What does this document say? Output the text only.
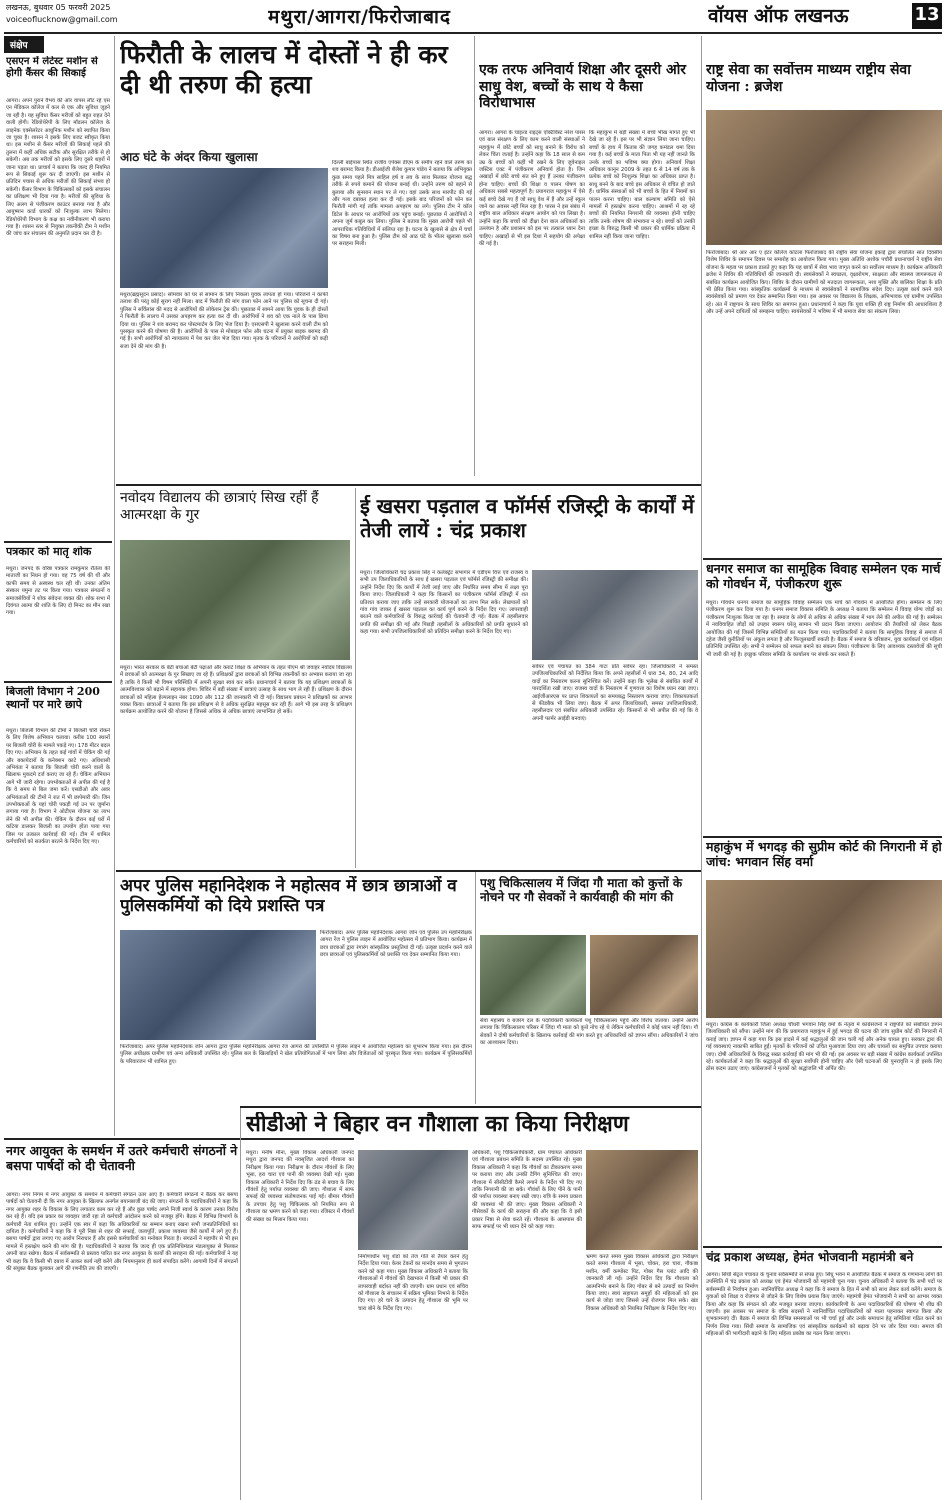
लखनऊ, बुधवार 05 फरवरी 2025
voiceoflucknow@gmail.com	मथुरा/आगरा/फिरोजाबाद	वॉयस ऑफ लखनऊ	13
संक्षेप
एसएन में लेटेस्ट मशीन से होगी कैंसर की सिकाई
आगरा। अपने पुराने वैभव की ओर वापस लौट रहे एस एन मेडिकल कॉलेज में कल से एक और सुविधा जुड़ने जा रही है। यह सुविधा कैंसर मरीजों को बहुत राहत देने वाली होगी। रेडियोथेरेपी के लिए मॉडलन कॉलेज के लाइनेक एक्सेलरेटर आधुनिक मशीन को स्थापित किया जा चुका है। शासन ने इसके लिए बजट स्वीकृत किया था। इस मशीन से कैंसर मरीजों की सिकाई पहले की तुलना में कहीं अधिक सटीक और सुरक्षित तरीके से हो सकेगी। अब तक मरीजों को इसके लिए दूसरे शहरों में जाना पड़ता था। प्राचार्य ने बताया कि जल्द ही नियमित रूप से सिकाई शुरू कर दी जाएगी। इस मशीन से प्रतिदिन पचास से अधिक मरीजों की सिकाई संभव हो सकेगी। कैंसर विभाग के चिकित्सकों को इसके संचालन का प्रशिक्षण भी दिया गया है। मरीजों की सुविधा के लिए अलग से पंजीकरण काउंटर बनाया गया है और आयुष्मान कार्ड धारकों को निःशुल्क लाभ मिलेगा। रेडियोथेरेपी विभाग के कक्ष का नवीनीकरण भी कराया गया है। शासन स्तर से नियुक्त तकनीकी टीम ने मशीन की जांच कर संचालन की अनुमति प्रदान कर दी है।
पत्रकार को मातृ शोक
मथुरा। जनपद के वरिष्ठ पत्रकार रामकुमार रौतेला की माताजी का निधन हो गया। वह 75 वर्ष की थीं और काफी समय से अस्वस्थ चल रही थीं। उनका अंतिम संस्कार यमुना तट पर किया गया। पत्रकार संगठनों व समाजसेवियों ने शोक संवेदना व्यक्त की। शोक सभा में दिवंगत आत्मा की शांति के लिए दो मिनट का मौन रखा गया।
बिजली विभाग ने 200 स्थानों पर मारे छापे
मथुरा। बिजली विभाग की टीमों ने बिजली चोरी रोकने के लिए विशेष अभियान चलाया। करीब 100 स्थानों पर बिजली चोरी के मामले पकड़े गए। 178 मीटर बदल दिए गए। अभियान के तहत कई गांवों में चेकिंग की गई और बकायेदारों के कनेक्शन काटे गए। अधिशासी अभियंता ने बताया कि बिजली चोरी करने वालों के खिलाफ मुकदमे दर्ज कराए जा रहे हैं। चेकिंग अभियान आगे भी जारी रहेगा। उपभोक्ताओं से अपील की गई है कि वे समय से बिल जमा करें। एसडीओ और अवर अभियंताओं की टीमों ने रात में भी छापेमारी की। जिन उपभोक्ताओं के यहां चोरी पकड़ी गई उन पर जुर्माना लगाया गया है। विभाग ने ओटीएस योजना का लाभ लेने की भी अपील की। चेकिंग के दौरान कई घरों में कटिया डालकर बिजली का उपयोग होता पाया गया जिस पर तत्काल कार्रवाई की गई। टीम में शामिल कर्मचारियों को सतर्कता बरतने के निर्देश दिए गए।
फिरौती के लालच में दोस्तों ने ही कर दी थी तरुण की हत्या
आठ घंटे के अंदर किया खुलासा
मथुरा(ब्रह्मसूदन प्रसाद)। सोमवार को घर से सामान के लिए निकला युवक लापता हो गया। परिजनों ने काफी तलाश की परंतु कोई सुराग नहीं मिला। बाद में फिरौती की मांग वाला फोन आने पर पुलिस को सूचना दी गई। पुलिस ने सर्विलांस की मदद से आरोपियों की लोकेशन ट्रेस की। पूछताछ में सामने आया कि युवक के ही दोस्तों ने फिरौती के लालच में उसका अपहरण कर हत्या कर दी थी। आरोपियों ने शव को एक नाले के पास छिपा दिया था। पुलिस ने शव बरामद कर पोस्टमार्टम के लिए भेज दिया है। एसएसपी ने खुलासा करने वाली टीम को पुरस्कृत करने की घोषणा की है। आरोपियों के पास से मोबाइल फोन और घटना में प्रयुक्त बाइक बरामद की गई है। सभी आरोपियों को न्यायालय में पेश कर जेल भेज दिया गया। मृतक के परिजनों ने आरोपियों को कड़ी सजा देने की मांग की है।
दिल्ली बाईपास स्थित राजीव एपेक्स डीएम के समीप रहने वाले तरुण का शव बरामद किया है। डीआईजी शैलेश कुमार पांडेय ने बताया कि अभियुक्त कुछ समय पहले मित्र साहिल हर्ष व लव के साथ मिलकर योजना बद्ध तरीके से रुपये कमाने की योजना बनाई थी। उन्होंने तरुण को बहाने से बुलाया और सुनसान स्थान पर ले गए। वहां उसके साथ मारपीट की गई और गला दबाकर हत्या कर दी गई। इसके बाद परिजनों को फोन कर फिरौती मांगी गई ताकि मामला अपहरण का लगे। पुलिस टीम ने कॉल डिटेल के आधार पर आरोपियों तक पहुंच बनाई। पूछताछ में आरोपियों ने अपना जुर्म कबूल कर लिया। पुलिस ने बताया कि मुख्य आरोपी पहले भी आपराधिक गतिविधियों में संलिप्त रहा है। घटना के खुलासे से क्षेत्र में चर्चा का विषय बना हुआ है। पुलिस टीम को आठ घंटे के भीतर खुलासा करने पर सराहना मिली।
एक तरफ अनिवार्य शिक्षा और दूसरी ओर साधु वेश, बच्चों के साथ ये कैसा विरोधाभास
आगरा। आगरा के चाइल्ड राइट्स एक्टिविस्ट नरेश पारस एवं बाल संरक्षण के लिए काम करने वाली संस्थाओं ने महाकुंभ में छोटे बच्चों को साधु बनाने के विरोध को लेकर चिंता जताई है। उन्होंने कहा कि 18 साल से कम उम्र के बच्चों को कहीं भी रखने के लिए जुवेनाइल जस्टिस एक्ट में पंजीकरण अनिवार्य होता है। जिन अखाड़ों में छोटे बच्चे संत बने हुए हैं उनका पंजीकरण होना चाहिए। बच्चों की शिक्षा व पालन पोषण का अधिकार सबसे महत्वपूर्ण है। प्रयागराज महाकुंभ में ऐसे कई बच्चे देखे गए हैं जो साधु वेश में हैं और उन्हें स्कूल जाने का अवसर नहीं मिल रहा है। पारस ने इस संबंध में राष्ट्रीय बाल अधिकार संरक्षण आयोग को पत्र लिखा है। उन्होंने कहा कि बच्चों को दीक्षा देना बाल अधिकारों का उल्लंघन है और प्रशासन को इस पर तत्काल ध्यान देना चाहिए। अखाड़ों से भी इस दिशा में सहयोग की अपेक्षा की गई है।
कि महाकुंभ में बड़ी संख्या में बच्चे भीख मांगते हुए भी देखे जा रहे हैं। इस पर भी संज्ञान लिया जाना चाहिए। बच्चों के हाथ में किताब की जगह कमंडल थमा दिया गया है। कई बच्चों के माता पिता भी यह नहीं जानते कि उनके बच्चों का भविष्य क्या होगा। अनिवार्य शिक्षा अधिकार कानून 2009 के तहत 6 से 14 वर्ष तक के प्रत्येक बच्चे को निःशुल्क शिक्षा का अधिकार प्राप्त है। साधु बनने के बाद बच्चे इस अधिकार से वंचित हो जाते हैं। धार्मिक संस्थाओं को भी बच्चों के हित में नियमों का पालन करना चाहिए। बाल कल्याण समिति को ऐसे मामलों में हस्तक्षेप करना चाहिए। आश्रमों में रह रहे बच्चों की नियमित निगरानी की व्यवस्था होनी चाहिए ताकि उनके शोषण की संभावना न रहे। बच्चों को उनकी इच्छा के विरुद्ध किसी भी प्रकार की धार्मिक प्रक्रिया में शामिल नहीं किया जाना चाहिए।
राष्ट्र सेवा का सर्वोत्तम माध्यम राष्ट्रीय सेवा योजना : ब्रजेश
फिरोजाबाद। श्री आर आर ए इंटर कॉलेज कोटला फिरोजाबाद की राष्ट्रीय सेवा योजना इकाई द्वारा संचालित सात दिवसीय विशेष शिविर के समापन दिवस पर समारोह का आयोजन किया गया। मुख्य अतिथि अशोक पचौरी प्रधानाचार्य ने राष्ट्रीय सेवा योजना के महत्व पर प्रकाश डालते हुए कहा कि यह छात्रों में सेवा भाव जागृत करने का सर्वोत्तम माध्यम है। कार्यक्रम अधिकारी ब्रजेश ने शिविर की गतिविधियों की जानकारी दी। स्वयंसेवकों ने स्वच्छता, वृक्षारोपण, साक्षरता और स्वास्थ्य जागरूकता से संबंधित कार्यक्रम आयोजित किए। शिविर के दौरान ग्रामीणों को मतदाता जागरूकता, नशा मुक्ति और बालिका शिक्षा के प्रति भी प्रेरित किया गया। सांस्कृतिक कार्यक्रमों के माध्यम से स्वयंसेवकों ने सामाजिक संदेश दिए। उत्कृष्ट कार्य करने वाले स्वयंसेवकों को प्रमाण पत्र देकर सम्मानित किया गया। इस अवसर पर विद्यालय के शिक्षक, अभिभावक एवं ग्रामीण उपस्थित रहे। अंत में राष्ट्रगान के साथ शिविर का समापन हुआ। प्रधानाचार्य ने कहा कि युवा शक्ति ही राष्ट्र निर्माण की आधारशिला है और उन्हें अपने दायित्वों को समझना चाहिए। स्वयंसेवकों ने भविष्य में भी समाज सेवा का संकल्प लिया।
नवोदय विद्यालय की छात्राएं सिख रहीं हैं आत्मरक्षा के गुर
मथुरा। भारत सरकार के बेटी बचाओ बेटी पढ़ाओ और कराटे शिक्षा के अभियान के तहत पीएम श्री जवाहर नवोदय विद्यालय में छात्राओं को आत्मरक्षा के गुर सिखाए जा रहे हैं। प्रशिक्षकों द्वारा छात्राओं को विभिन्न तकनीकों का अभ्यास कराया जा रहा है ताकि वे किसी भी विषम परिस्थिति में अपनी सुरक्षा स्वयं कर सकें। प्रधानाचार्य ने बताया कि यह प्रशिक्षण छात्राओं के आत्मविश्वास को बढ़ाने में सहायक होगा। शिविर में बड़ी संख्या में छात्राएं उत्साह के साथ भाग ले रही हैं। प्रशिक्षण के दौरान छात्राओं को महिला हेल्पलाइन नंबर 1090 और 112 की जानकारी भी दी गई। विद्यालय प्रबंधन ने प्रशिक्षकों का आभार व्यक्त किया। छात्राओं ने बताया कि इस प्रशिक्षण से वे अधिक सुरक्षित महसूस कर रही हैं। आगे भी इस तरह के प्रशिक्षण कार्यक्रम आयोजित करने की योजना है जिससे अधिक से अधिक छात्राएं लाभान्वित हो सकें।
ई खसरा पड़ताल व फॉर्मर्स रजिस्ट्री के कार्यों में तेजी लायें : चंद्र प्रकाश
मथुरा। जिलाधिकारी चंद्र प्रकाश सिंह ने कलेक्ट्रेट सभागार में एडीएम वित्त एवं राजस्व व सभी उप जिलाधिकारियों के साथ ई खसरा पड़ताल एवं फॉर्मर्स रजिस्ट्री की समीक्षा की। उन्होंने निर्देश दिए कि कार्यों में तेजी लाई जाए और निर्धारित समय सीमा में लक्ष्य पूरा किया जाए। जिलाधिकारी ने कहा कि किसानों का पंजीकरण फॉर्मर्स रजिस्ट्री में शत प्रतिशत कराया जाए ताकि उन्हें सरकारी योजनाओं का लाभ मिल सके। लेखपालों को गांव गांव जाकर ई खसरा पड़ताल का कार्य पूर्ण करने के निर्देश दिए गए। लापरवाही बरतने वाले कर्मचारियों के विरुद्ध कार्रवाई की चेतावनी दी गई। बैठक में तहसीलवार प्रगति की समीक्षा की गई और पिछड़ी तहसीलों के अधिकारियों को प्रगति सुधारने को कहा गया। सभी उपजिलाधिकारियों को प्रतिदिन समीक्षा करने के निर्देश दिए गए।
सर्वेयर एवं पंचायत का 384 गाटा प्रति सर्वेयर रहा। जिलाधिकारी ने समस्त उपजिलाधिकारियों को निर्देशित किया कि अपने तहसीलों में धारा 34, 80, 24 आदि वादों का निस्तारण करना सुनिश्चित करें। उन्होंने कहा कि भूलेख से संबंधित कार्यों में पारदर्शिता रखी जाए। राजस्व वादों के निस्तारण में गुणवत्ता का विशेष ध्यान रखा जाए। आईजीआरएस पर प्राप्त शिकायतों का समयबद्ध निस्तारण कराया जाए। शिकायतकर्ता से फीडबैक भी लिया जाए। बैठक में अपर जिलाधिकारी, समस्त उपजिलाधिकारी, तहसीलदार एवं संबंधित अधिकारी उपस्थित रहे। किसानों से भी अपील की गई कि वे अपनी फार्मर आईडी बनवाएं।
धनगर समाज का सामूहिक विवाह सम्मेलन एक मार्च को गोवर्धन में, पंजीकरण शुरू
मथुरा। गोवर्धन धनगर समाज का सामूहिक विवाह सम्मेलन एक मार्च को गोवर्धन में आयोजित होगा। सम्मेलन के लिए पंजीकरण शुरू कर दिया गया है। धनगर समाज विकास समिति के अध्यक्ष ने बताया कि सम्मेलन में विवाह योग्य जोड़ों का पंजीकरण निःशुल्क किया जा रहा है। समाज के लोगों से अधिक से अधिक संख्या में भाग लेने की अपील की गई है। सम्मेलन में नवविवाहित जोड़ों को उपहार स्वरूप घरेलू सामान भी प्रदान किया जाएगा। आयोजन की तैयारियों को लेकर बैठक आयोजित की गई जिसमें विभिन्न समितियों का गठन किया गया। पदाधिकारियों ने बताया कि सामूहिक विवाह से समाज में दहेज जैसी कुरीतियों पर अंकुश लगता है और फिजूलखर्ची रुकती है। बैठक में समाज के वरिष्ठजन, युवा कार्यकर्ता एवं महिला प्रतिनिधि उपस्थित रहे। सभी ने सम्मेलन को सफल बनाने का संकल्प लिया। पंजीकरण के लिए आवश्यक दस्तावेजों की सूची भी जारी की गई है। इच्छुक परिवार समिति के कार्यालय पर संपर्क कर सकते हैं।
महाकुंभ में भगदड़ की सुप्रीम कोर्ट की निगरानी में हो जांच: भगवान सिंह वर्मा
मथुरा। कांग्रेस के कार्यकारी जिला अध्यक्ष चौधरी भगवान सिंह वर्मा के नेतृत्व में कांग्रेसजनों ने राष्ट्रपति को संबोधित ज्ञापन जिलाधिकारी को सौंपा। उन्होंने मांग की कि प्रयागराज महाकुंभ में हुई भगदड़ की घटना की जांच सुप्रीम कोर्ट की निगरानी में कराई जाए। ज्ञापन में कहा गया कि इस हादसे में कई श्रद्धालुओं की जान चली गई और अनेक घायल हुए। सरकार द्वारा की गई व्यवस्थाएं नाकाफी साबित हुईं। मृतकों के परिजनों को उचित मुआवजा दिया जाए और घायलों का समुचित उपचार कराया जाए। दोषी अधिकारियों के विरुद्ध सख्त कार्रवाई की मांग भी की गई। इस अवसर पर बड़ी संख्या में कांग्रेस कार्यकर्ता उपस्थित रहे। कार्यकर्ताओं ने कहा कि श्रद्धालुओं की सुरक्षा सर्वोपरि होनी चाहिए और ऐसी घटनाओं की पुनरावृत्ति न हो इसके लिए ठोस कदम उठाए जाएं। कांग्रेसजनों ने मृतकों को श्रद्धांजलि भी अर्पित की।
अपर पुलिस महानिदेशक ने महोत्सव में छात्र छात्राओं व पुलिसकर्मियों को दिये प्रशस्ति पत्र
फिरोजाबाद। अपर पुलिस महानिदेशक आगरा जोन एवं पुलिस उप महानिरीक्षक आगरा रेंज ने पुलिस लाइन में आयोजित महोत्सव में प्रतिभाग किया। कार्यक्रम में छात्र छात्राओं द्वारा रंगारंग सांस्कृतिक प्रस्तुतियां दी गईं। उत्कृष्ट प्रदर्शन करने वाले छात्र छात्राओं एवं पुलिसकर्मियों को प्रशस्ति पत्र देकर सम्मानित किया गया।
फिरोजाबाद। अपर पुलिस महानिदेशक जोन आगरा द्वारा पुलिस महानिरीक्षक आगरा रेंज आगरा की उपस्थिति में पुलिस लाइन में आयोजित महोत्सव का शुभारंभ किया गया। इस दौरान पुलिस अधीक्षक ग्रामीण एवं अन्य अधिकारी उपस्थित रहे। पुलिस बल के खिलाड़ियों ने खेल प्रतियोगिताओं में भाग लिया और विजेताओं को पुरस्कृत किया गया। कार्यक्रम में पुलिसकर्मियों के परिवारजन भी शामिल हुए।
पशु चिकित्सालय में जिंदा गौ माता को कुत्तों के नोचने पर गौ सेवकों ने कार्यवाही की मांग की
सेवा महासंघ व बजरंग दल के पदाधिकारी कार्यकर्ता पशु चिकित्सालय पहुंचे और विरोध जताया। उन्होंने आरोप लगाया कि चिकित्सालय परिसर में जिंदा गौ माता को कुत्ते नोच रहे थे लेकिन कर्मचारियों ने कोई ध्यान नहीं दिया। गौ सेवकों ने दोषी कर्मचारियों के खिलाफ कार्रवाई की मांग करते हुए अधिकारियों को ज्ञापन सौंपा। अधिकारियों ने जांच का आश्वासन दिया।
नगर आयुक्त के समर्थन में उतरे कर्मचारी संगठनों ने बसपा पार्षदों को दी चेतावनी
आगरा। नगर निगम में नगर आयुक्त के समर्थन में कर्मचारी संगठन उतर आए हैं। कर्मचारी संगठनों ने बैठक कर बसपा पार्षदों को चेतावनी दी कि नगर आयुक्त के खिलाफ अनर्गल बयानबाजी बंद की जाए। संगठनों के पदाधिकारियों ने कहा कि नगर आयुक्त शहर के विकास के लिए लगातार काम कर रहे हैं और कुछ पार्षद अपने निजी स्वार्थ के कारण उनका विरोध कर रहे हैं। यदि इस प्रकार का व्यवहार जारी रहा तो कर्मचारी आंदोलन करने को मजबूर होंगे। बैठक में विभिन्न विभागों के कर्मचारी नेता शामिल हुए। उन्होंने एक स्वर में कहा कि अधिकारियों का सम्मान बनाए रखना सभी जनप्रतिनिधियों का दायित्व है। कर्मचारियों ने कहा कि वे पूरी निष्ठा से शहर की सफाई, जलापूर्ति, प्रकाश व्यवस्था जैसे कार्यों में लगे हुए हैं। बसपा पार्षदों द्वारा लगाए गए आरोप निराधार हैं और इससे कर्मचारियों का मनोबल गिरता है। संगठनों ने महापौर से भी इस मामले में हस्तक्षेप करने की मांग की है। पदाधिकारियों ने बताया कि जल्द ही एक प्रतिनिधिमंडल मंडलायुक्त से मिलकर अपनी बात रखेगा। बैठक में सर्वसम्मति से प्रस्ताव पारित कर नगर आयुक्त के कार्यों की सराहना की गई। कर्मचारियों ने यह भी कहा कि वे किसी भी दबाव में आकर कार्य नहीं करेंगे और नियमानुसार ही कार्य संपादित करेंगे। आगामी दिनों में संगठनों की संयुक्त बैठक बुलाकर आगे की रणनीति तय की जाएगी।
सीडीओ ने बिहार वन गौशाला का किया निरीक्षण
मथुरा। मनीष मीना, मुख्य विकास अधिकारी जनपद मथुरा द्वारा जनपद की नवसृजित आदर्श गौशाला का निरीक्षण किया गया। निरीक्षण के दौरान गौवंशों के लिए भूसा, हरा चारा एवं पानी की व्यवस्था देखी गई। मुख्य विकास अधिकारी ने निर्देश दिए कि ठंड से बचाव के लिए गौवंशों हेतु पर्याप्त व्यवस्था की जाए। गौशाला में साफ सफाई की व्यवस्था संतोषजनक पाई गई। बीमार गौवंशों के उपचार हेतु पशु चिकित्सक को नियमित रूप से गौशाला का भ्रमण करने को कहा गया। रजिस्टर में गौवंशों की संख्या का मिलान किया गया।
निर्माणाधीन पशु शेडों को तेज गति से तैयार करने हेतु निर्देश दिया गया। केयर टेकरों का मानदेय समय से भुगतान करने को कहा गया। मुख्य विकास अधिकारी ने बताया कि गौशालाओं में गौवंशों की देखभाल में किसी भी प्रकार की लापरवाही बर्दाश्त नहीं की जाएगी। ग्राम प्रधान एवं सचिव को गौशाला के संचालन में सक्रिय भूमिका निभाने के निर्देश दिए गए। हरे चारे के उत्पादन हेतु गौशाला की भूमि पर चारा बोने के निर्देश दिए गए।
अधिकारी, पशु चिकित्साधिकारी, ग्राम पंचायत अधिकारी एवं गौशाला प्रबंधन समिति के सदस्य उपस्थित रहे। मुख्य विकास अधिकारी ने कहा कि गौवंशों का टीकाकरण समय पर कराया जाए और उनकी टैगिंग सुनिश्चित की जाए। गौशाला में सीसीटीवी कैमरे लगाने के निर्देश भी दिए गए ताकि निगरानी की जा सके। गौवंशों के लिए पीने के पानी की पर्याप्त व्यवस्था बनाए रखी जाए। रात्रि के समय प्रकाश की व्यवस्था भी की जाए। मुख्य विकास अधिकारी ने गौसेवकों के कार्य की सराहना की और कहा कि वे इसी प्रकार निष्ठा से सेवा करते रहें। गौशाला के आसपास की साफ सफाई पर भी ध्यान देने को कहा गया।
भ्रमण करते समय मुख्य विकास अधिकारी द्वारा निरीक्षण करते समय गौशाला में भूसा, चोकर, हरा चारा, गौकाष्ठ मशीन, वर्मी कम्पोस्ट पिट, गोबर गैस प्लांट आदि की जानकारी ली गई। उन्होंने निर्देश दिए कि गौशाला को आत्मनिर्भर बनाने के लिए गोबर से बने उत्पादों का निर्माण किया जाए। स्वयं सहायता समूहों की महिलाओं को इस कार्य से जोड़ा जाए जिससे उन्हें रोजगार मिल सके। खंड विकास अधिकारी को नियमित निरीक्षण के निर्देश दिए गए।
चंद्र प्रकाश अध्यक्ष, हेमंत भोजवानी महामंत्री बने
आगरा। सिंधी सेंट्रल पंचायत के चुनाव सर्वसम्मति से संपन्न हुए। सिंधु भवन में आयोजित बैठक में समाज के गणमान्य लोगों की उपस्थिति में चंद्र प्रकाश को अध्यक्ष एवं हेमंत भोजवानी को महामंत्री चुना गया। चुनाव अधिकारी ने बताया कि सभी पदों पर सर्वसम्मति से निर्वाचन हुआ। नवनिर्वाचित अध्यक्ष ने कहा कि वे समाज के हित में सभी को साथ लेकर कार्य करेंगे। समाज के युवाओं को शिक्षा व रोजगार से जोड़ने के लिए विशेष प्रयास किए जाएंगे। महामंत्री हेमंत भोजवानी ने सभी का आभार व्यक्त किया और कहा कि संगठन को और मजबूत बनाया जाएगा। कार्यकारिणी के अन्य पदाधिकारियों की घोषणा भी शीघ्र की जाएगी। इस अवसर पर समाज के वरिष्ठ सदस्यों ने नवनिर्वाचित पदाधिकारियों को माला पहनाकर स्वागत किया और शुभकामनाएं दीं। बैठक में समाज की विभिन्न समस्याओं पर भी चर्चा हुई और उनके समाधान हेतु समितियां गठित करने का निर्णय लिया गया। सिंधी समाज के सामाजिक एवं सांस्कृतिक कार्यक्रमों को बढ़ावा देने पर जोर दिया गया। समाज की महिलाओं की भागीदारी बढ़ाने के लिए महिला प्रकोष्ठ का गठन किया जाएगा।
